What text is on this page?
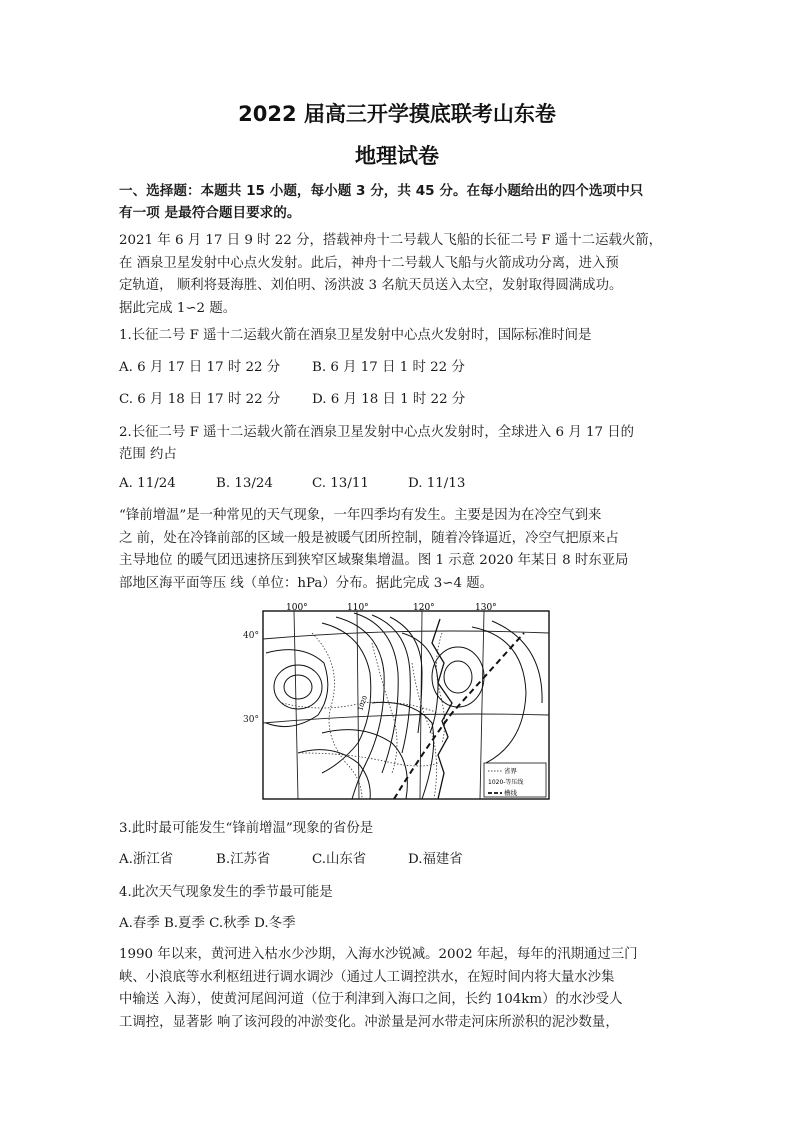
2022 届高三开学摸底联考山东卷
地理试卷
一、选择题：本题共 15 小题，每小题 3 分，共 45 分。在每小题给出的四个选项中只
有一项 是最符合题目要求的。
2021 年 6 月 17 日 9 时 22 分，搭载神舟十二号载人飞船的长征二号 F 遥十二运载火箭，
在 酒泉卫星发射中心点火发射。此后，神舟十二号载人飞船与火箭成功分离，进入预
定轨道， 顺利将聂海胜、刘伯明、汤洪波 3 名航天员送入太空，发射取得圆满成功。
据此完成 1∽2 题。
1.长征二号 F 遥十二运载火箭在酒泉卫星发射中心点火发射时，国际标准时间是
A. 6 月 17 日 17 时 22 分 B. 6 月 17 日 1 时 22 分
C. 6 月 18 日 17 时 22 分 D. 6 月 18 日 1 时 22 分
2.长征二号 F 遥十二运载火箭在酒泉卫星发射中心点火发射时，全球进入 6 月 17 日的
范围 约占
A. 11/24	B. 13/24	C. 13/11	D. 11/13
“锋前增温”是一种常见的天气现象，一年四季均有发生。主要是因为在冷空气到来
之 前，处在冷锋前部的区域一般是被暖气团所控制，随着冷锋逼近，冷空气把原来占
主导地位 的暖气团迅速挤压到狭窄区域聚集增温。图 1 示意 2020 年某日 8 时东亚局
部地区海平面等压 线（单位：hPa）分布。据此完成 3∽4 题。
100°	110°	120°	130°
1020
省界
1020-等压线
槽线
40°
30°
3.此时最可能发生“锋前增温”现象的省份是
A.浙江省	B.江苏省	C.山东省	D.福建省
4.此次天气现象发生的季节最可能是
A.春季 B.夏季 C.秋季 D.冬季
1990 年以来，黄河进入枯水少沙期，入海水沙锐减。2002 年起，每年的汛期通过三门
峡、小浪底等水利枢纽进行调水调沙（通过人工调控洪水，在短时间内将大量水沙集
中输送 入海），使黄河尾闾河道（位于利津到入海口之间，长约 104km）的水沙受人
工调控，显著影 响了该河段的冲淤变化。冲淤量是河水带走河床所淤积的泥沙数量，
